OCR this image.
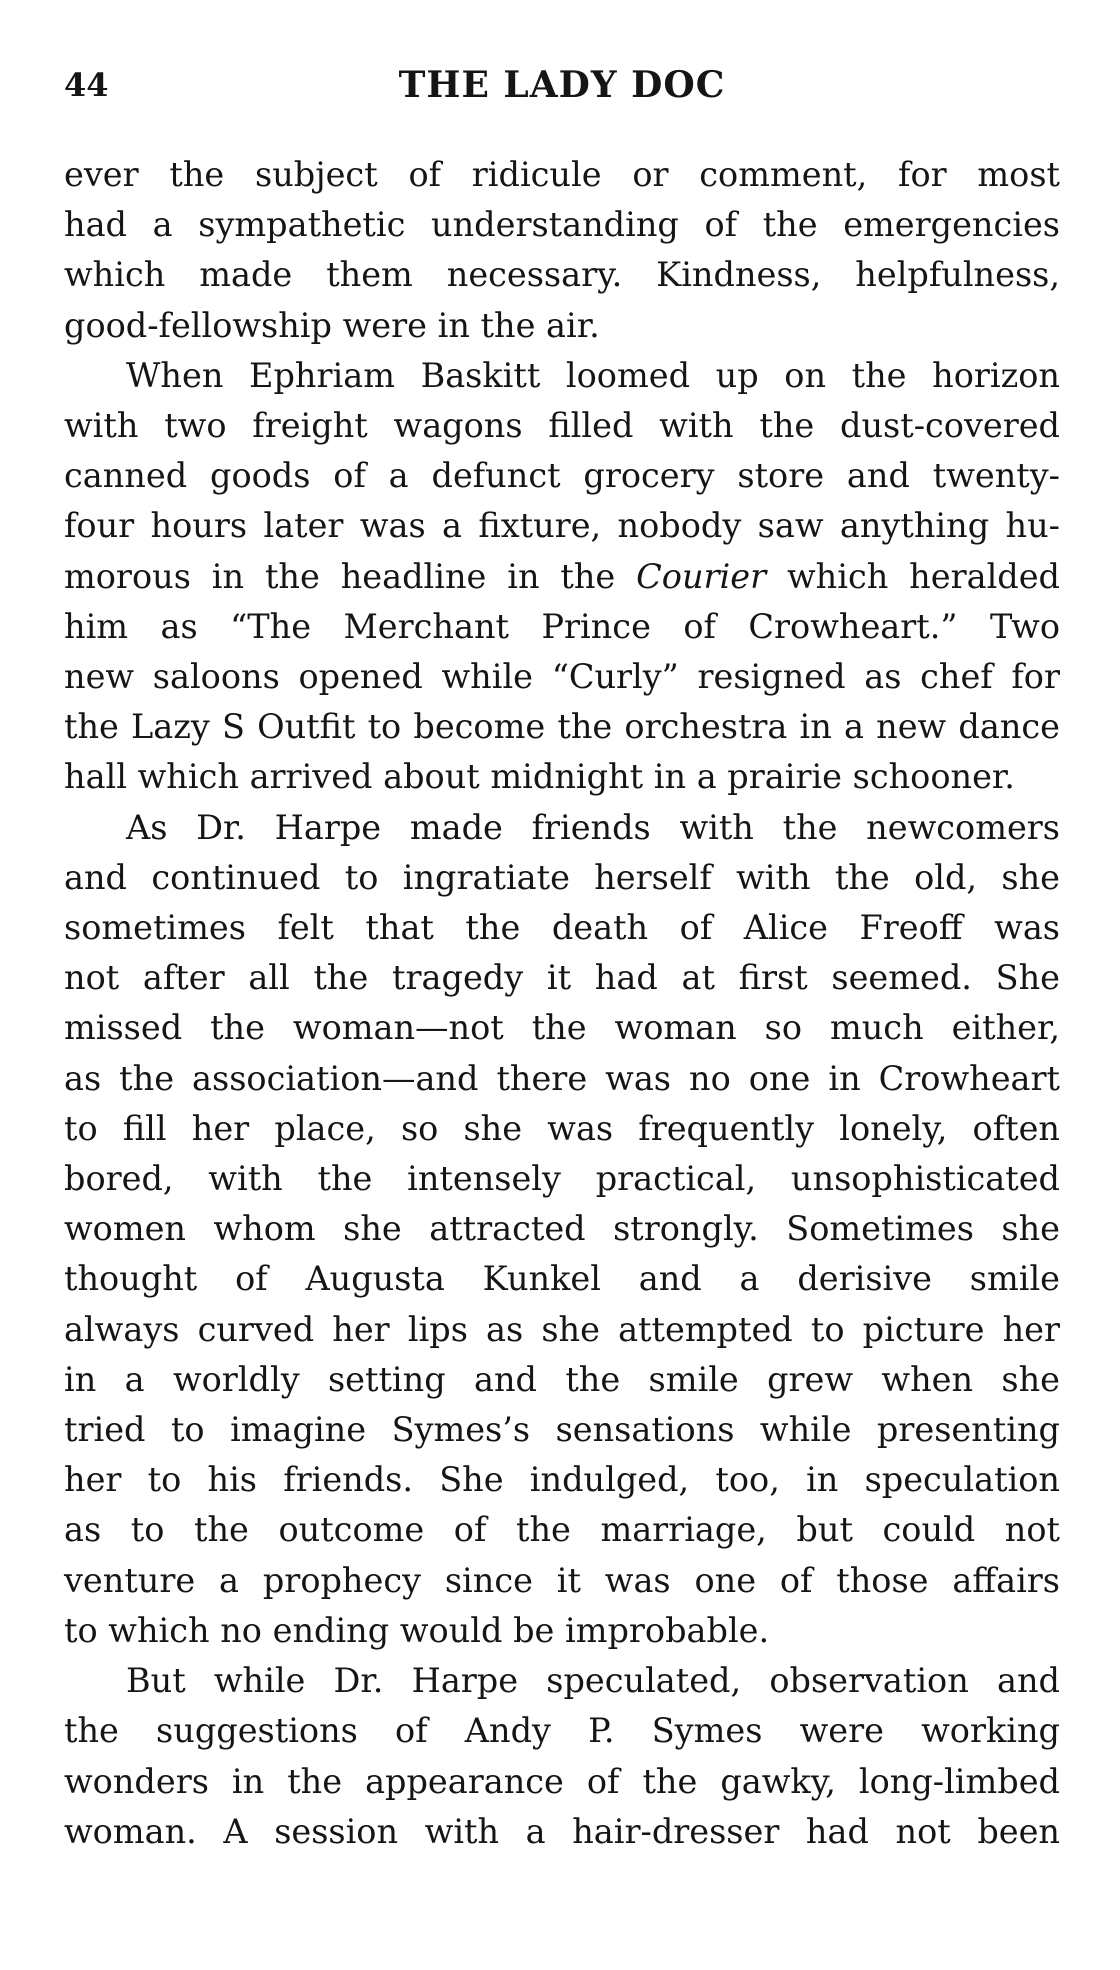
44	THE LADY DOC

ever the subject of ridicule or comment, for most
had a sympathetic understanding of the emergencies
which made them necessary. Kindness, helpfulness,
good-fellowship were in the air.

When Ephriam Baskitt loomed up on the horizon
with two freight wagons filled with the dust-covered
canned goods of a defunct grocery store and twenty-
four hours later was a fixture, nobody saw anything hu-
morous in the headline in the Courier which heralded
him as “The Merchant Prince of Crowheart.” Two
new saloons opened while “Curly” resigned as chef for
the Lazy S Outfit to become the orchestra in a new dance
hall which arrived about midnight in a prairie schooner.

As Dr. Harpe made friends with the newcomers
and continued to ingratiate herself with the old, she
sometimes felt that the death of Alice Freoff was
not after all the tragedy it had at first seemed. She
missed the woman—not the woman so much either,
as the association—and there was no one in Crowheart
to fill her place, so she was frequently lonely, often
bored, with the intensely practical, unsophisticated
women whom she attracted strongly. Sometimes she
thought of Augusta Kunkel and a derisive smile
always curved her lips as she attempted to picture her
in a worldly setting and the smile grew when she
tried to imagine Symes’s sensations while presenting
her to his friends. She indulged, too, in speculation
as to the outcome of the marriage, but could not
venture a prophecy since it was one of those affairs
to which no ending would be improbable.

But while Dr. Harpe speculated, observation and
the suggestions of Andy P. Symes were working
wonders in the appearance of the gawky, long-limbed
woman. A session with a hair-dresser had not been
